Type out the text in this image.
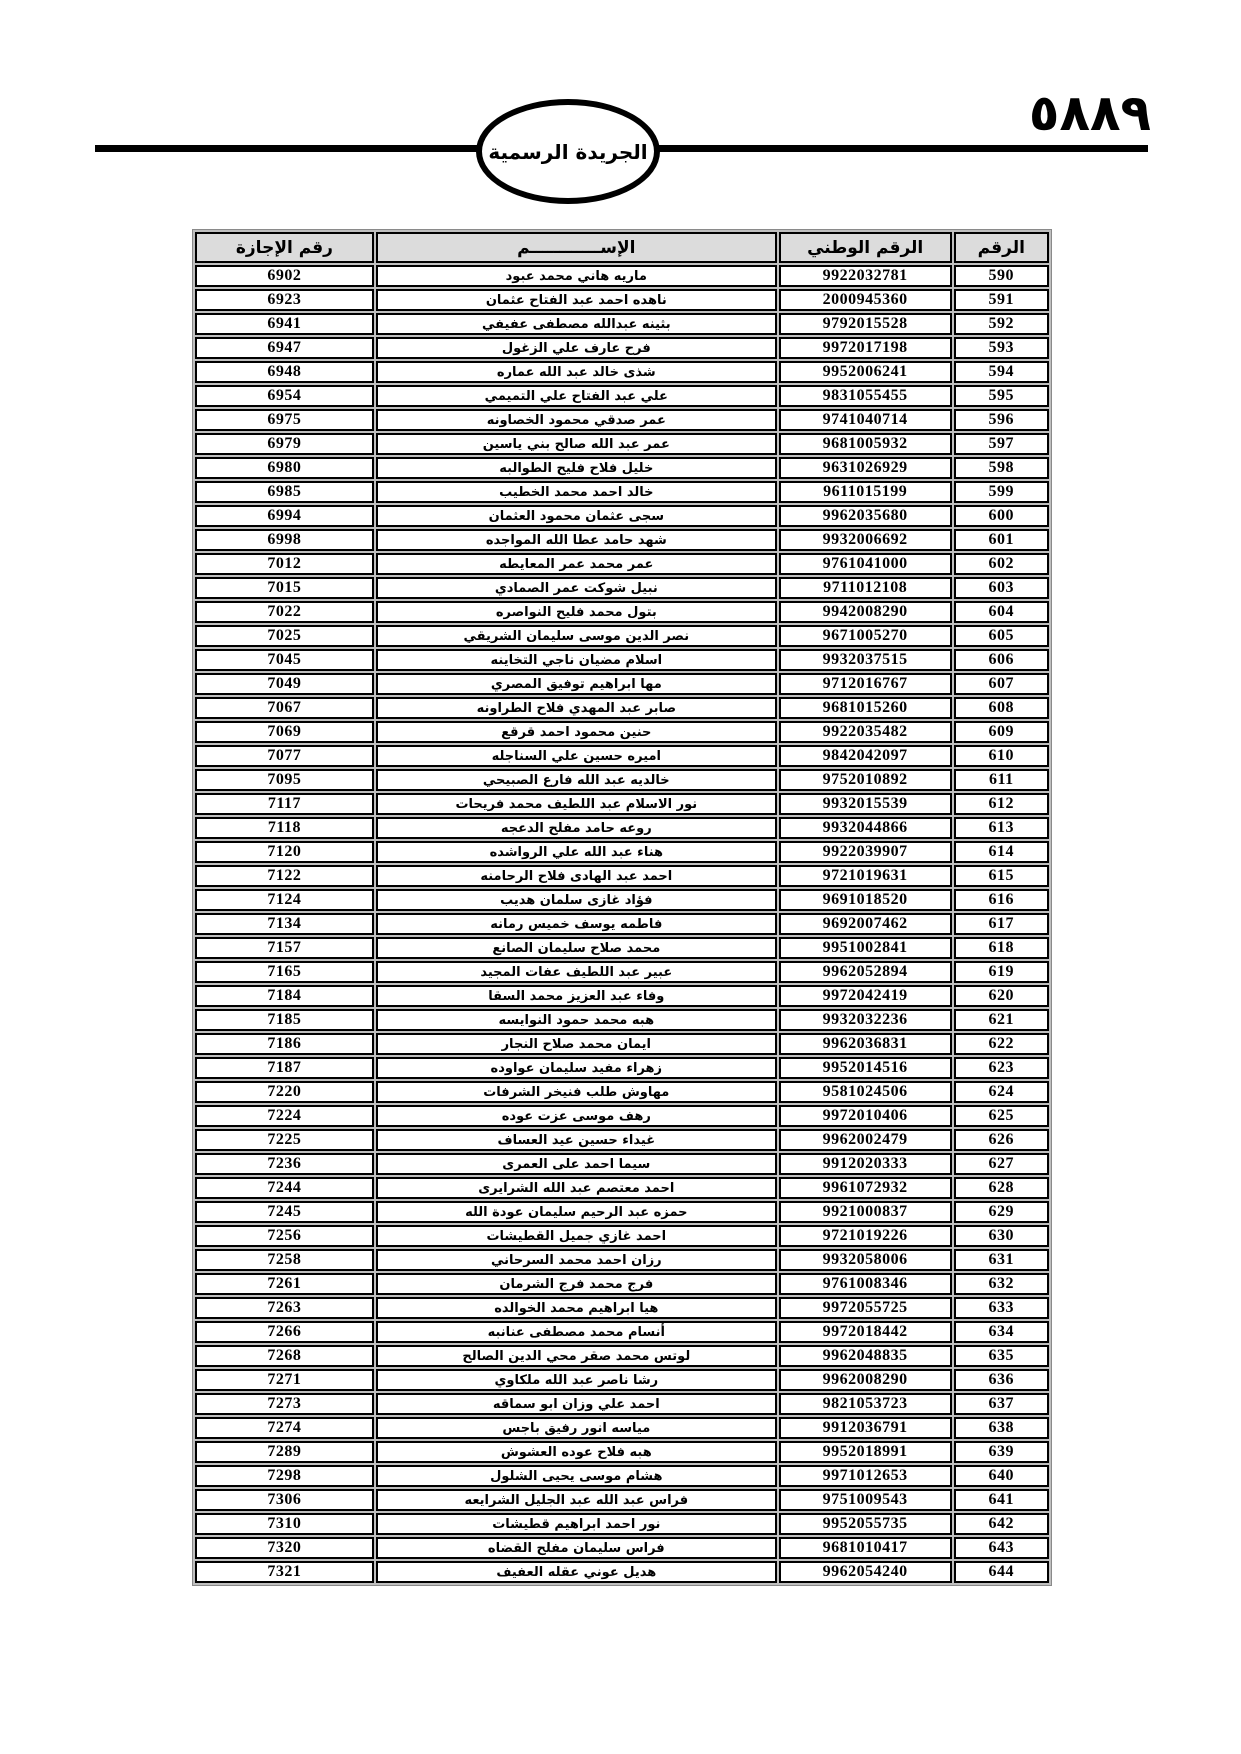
٥٨٨٩
الجريدة الرسمية
الرقم	الرقم الوطني	الإســــــــــــم	رقم الإجازة
590	9922032781	ماريه هاني محمد عبود	6902
591	2000945360	ناهده احمد عبد الفتاح عثمان	6923
592	9792015528	بثينه عبدالله مصطفى عفيفي	6941
593	9972017198	فرح عارف علي الزغول	6947
594	9952006241	شذى خالد عبد الله عماره	6948
595	9831055455	علي عبد الفتاح علي التميمي	6954
596	9741040714	عمر صدقي محمود الخصاونه	6975
597	9681005932	عمر عبد الله صالح بني ياسين	6979
598	9631026929	خليل فلاح فليح الطوالبه	6980
599	9611015199	خالد احمد محمد الخطيب	6985
600	9962035680	سجى عثمان محمود العثمان	6994
601	9932006692	شهد حامد عطا الله المواجده	6998
602	9761041000	عمر محمد عمر المعايطه	7012
603	9711012108	نبيل شوكت عمر الصمادي	7015
604	9942008290	بتول محمد فليح النواصره	7022
605	9671005270	نصر الدين موسى سليمان الشريقي	7025
606	9932037515	اسلام مضيان ناجي التخاينه	7045
607	9712016767	مها ابراهيم توفيق المصري	7049
608	9681015260	صابر عبد المهدي فلاح الطراونه	7067
609	9922035482	حنين محمود احمد قرقع	7069
610	9842042097	اميره حسين علي السناجله	7077
611	9752010892	خالديه عبد الله فارع الصبيحي	7095
612	9932015539	نور الاسلام عبد اللطيف محمد فريحات	7117
613	9932044866	روعه حامد مفلح الدعجه	7118
614	9922039907	هناء عبد الله علي الرواشده	7120
615	9721019631	احمد عبد الهادى فلاح الرحامنه	7122
616	9691018520	فؤاد غازى سلمان هديب	7124
617	9692007462	فاطمه يوسف خميس رمانه	7134
618	9951002841	محمد صلاح سليمان الصانع	7157
619	9962052894	عبير عبد اللطيف عفات المجيد	7165
620	9972042419	وفاء عبد العزيز محمد السقا	7184
621	9932032236	هبه محمد حمود النوايسه	7185
622	9962036831	ايمان محمد صلاح النجار	7186
623	9952014516	زهراء مفيد سليمان عواوده	7187
624	9581024506	مهاوش طلب فنيخر الشرفات	7220
625	9972010406	رهف موسى عزت عوده	7224
626	9962002479	غيداء حسين عيد العساف	7225
627	9912020333	سيما احمد على العمرى	7236
628	9961072932	احمد معتصم عبد الله الشرايرى	7244
629	9921000837	حمزه عبد الرحيم سليمان عودة الله	7245
630	9721019226	احمد غازي جميل القطيشات	7256
631	9932058006	رزان احمد محمد السرحاني	7258
632	9761008346	فرج محمد فرج الشرمان	7261
633	9972055725	هيا ابراهيم محمد الخوالده	7263
634	9972018442	أنسام محمد مصطفى عنانبه	7266
635	9962048835	لوتس محمد صقر محي الدين الصالح	7268
636	9962008290	رشا ناصر عبد الله ملكاوي	7271
637	9821053723	احمد علي وزان ابو سماقه	7273
638	9912036791	مياسه انور رفيق باجس	7274
639	9952018991	هبه فلاح عوده العشوش	7289
640	9971012653	هشام موسى يحيى الشلول	7298
641	9751009543	فراس عبد الله عبد الجليل الشرايعه	7306
642	9952055735	نور احمد ابراهيم قطيشات	7310
643	9681010417	فراس سليمان مفلح القضاه	7320
644	9962054240	هديل عوني عقله العفيف	7321
